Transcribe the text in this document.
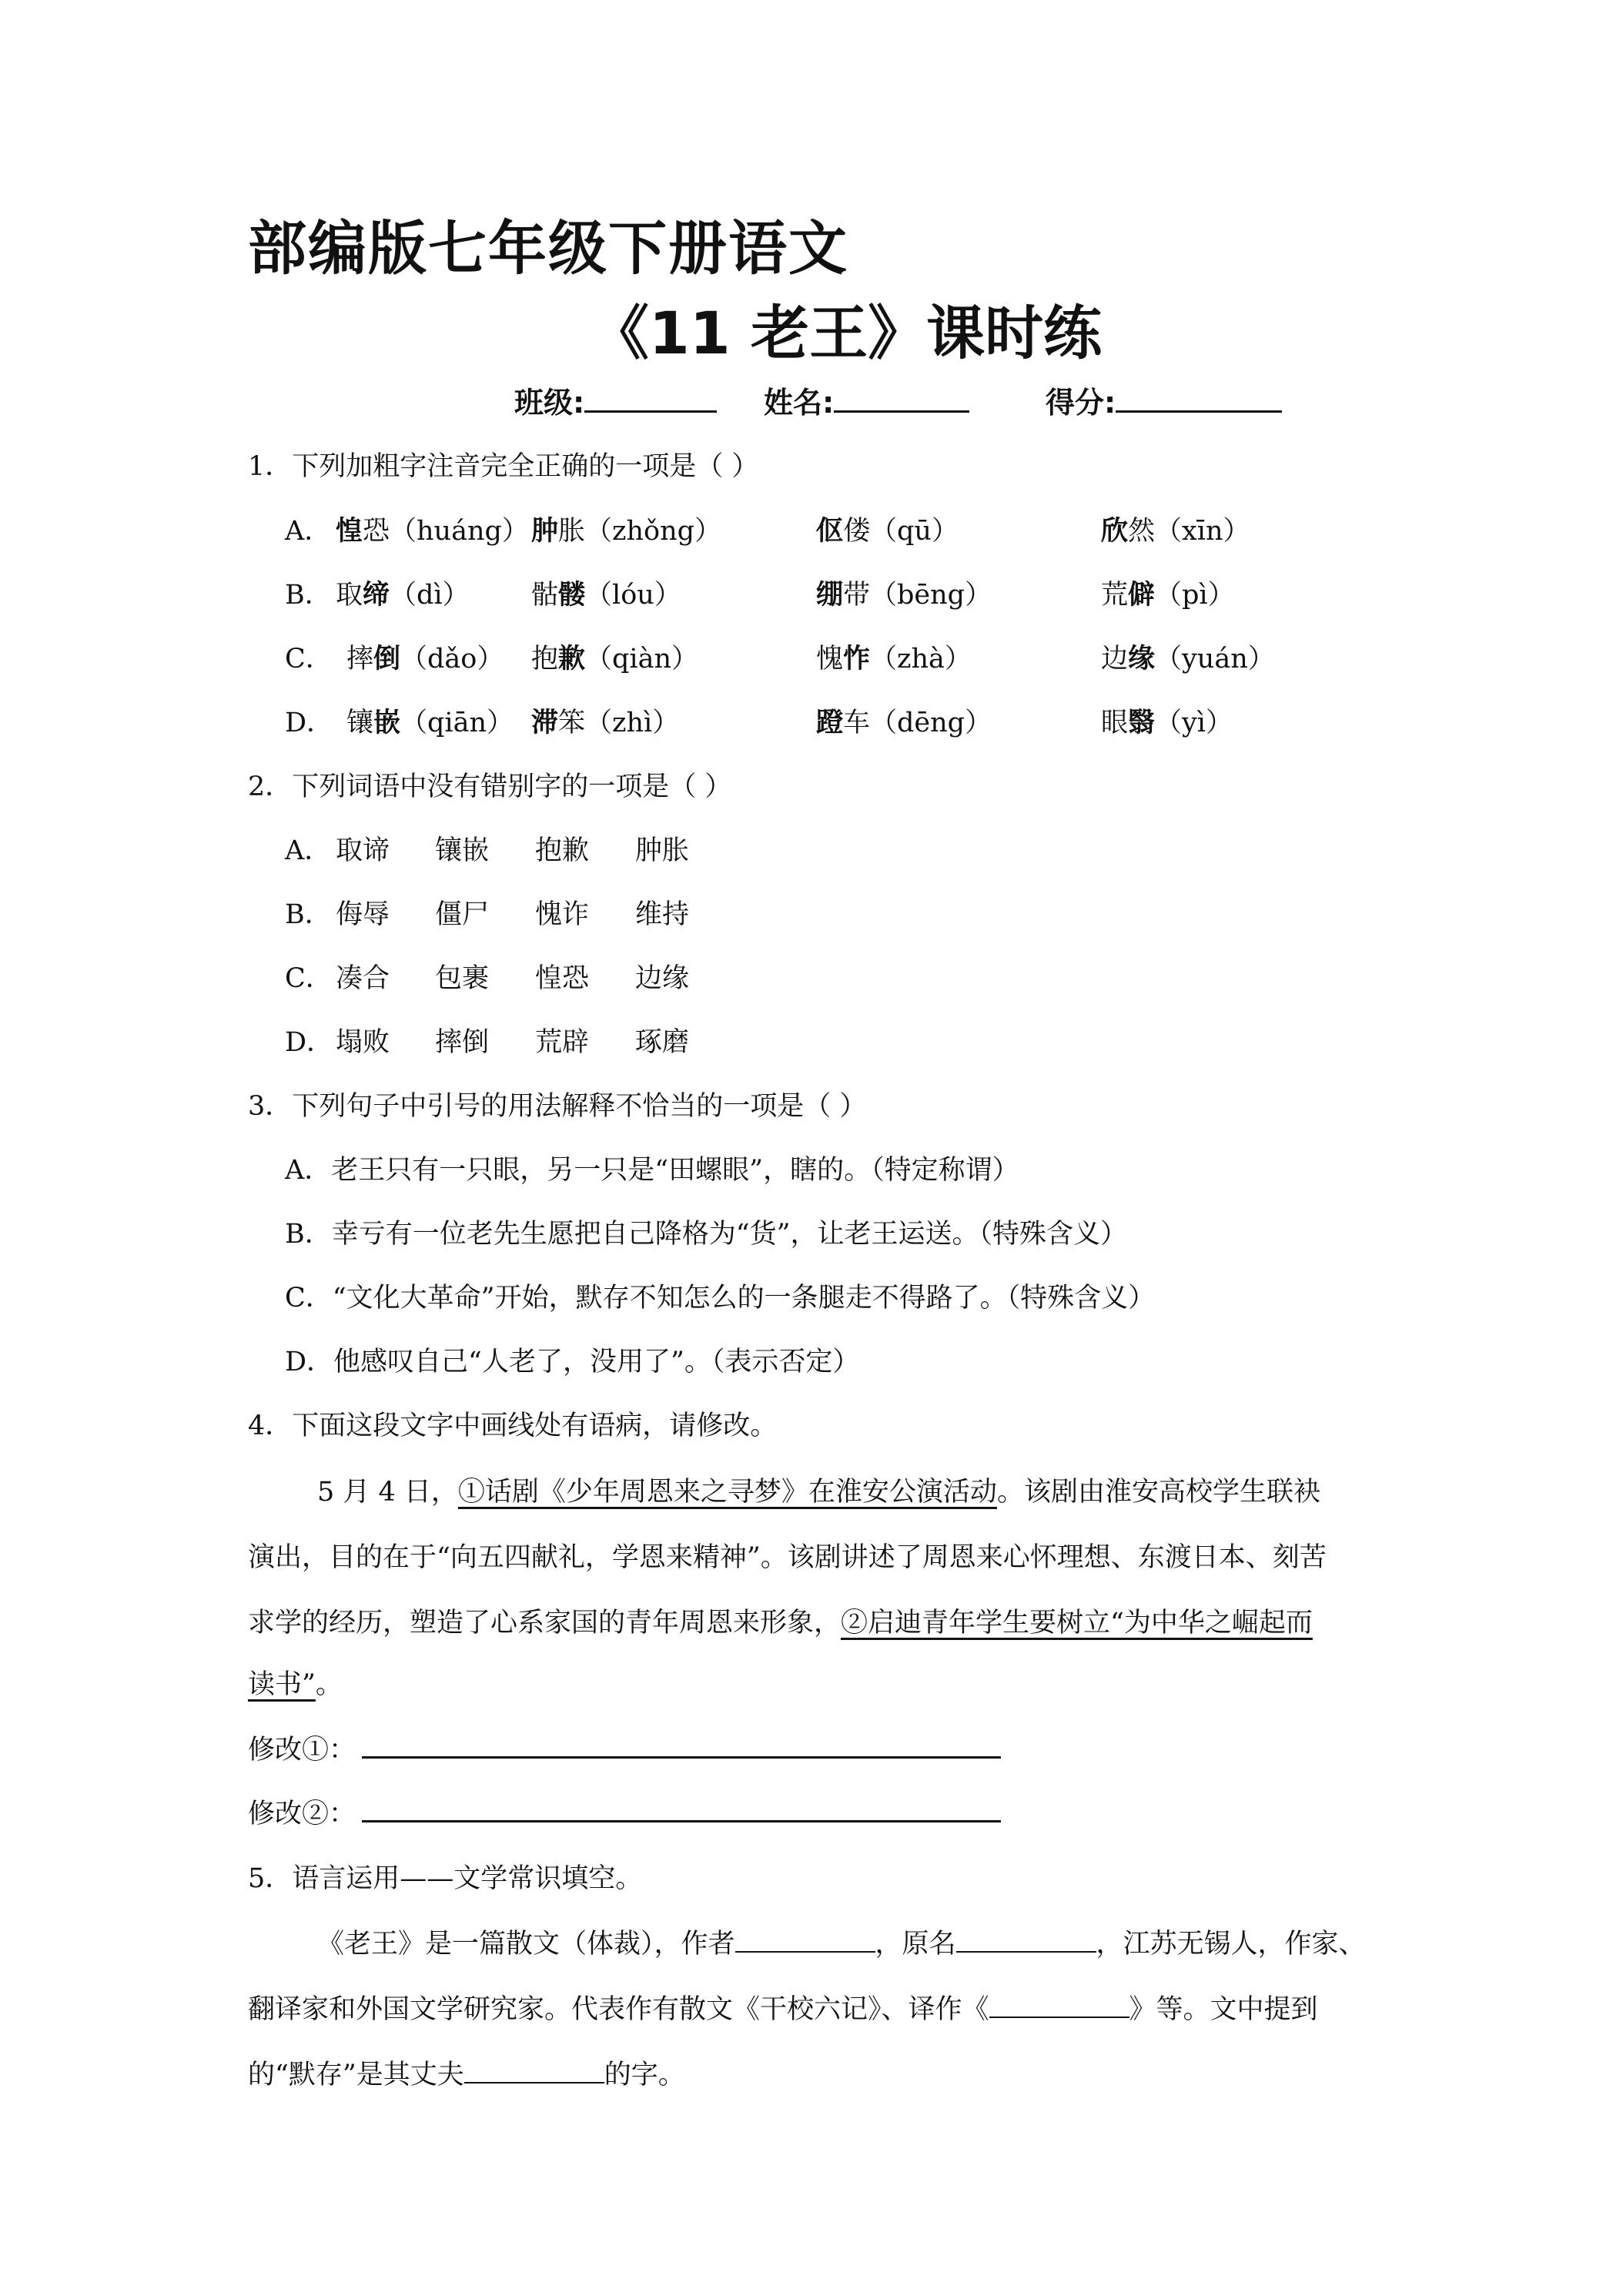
部编版七年级下册语文
《11 老王》课时练
班级:	姓名:	得分:
1．下列加粗字注音完全正确的一项是（ ）
A． 惶恐（huáng） 肿胀（zhǒng）	伛偻（qū）	欣然（xīn）
B． 取缔（dì） 骷髅（lóu）	绷带（bēng）	荒僻（pì）
C． 摔倒（dǎo） 抱歉（qiàn）	愧怍（zhà）	边缘（yuán）
D． 镶嵌（qiān） 滞笨（zhì）	蹬车（dēng）	眼翳（yì）
2．下列词语中没有错别字的一项是（ ）
A． 取谛 镶嵌 抱歉 肿胀
B． 侮辱 僵尸 愧诈 维持
C． 凑合 包裹 惶恐 边缘
D． 塌败 摔倒 荒辟 琢磨
3．下列句子中引号的用法解释不恰当的一项是（ ）
A．老王只有一只眼，另一只是“田螺眼”，瞎的。（特定称谓）
B．幸亏有一位老先生愿把自己降格为“货”，让老王运送。（特殊含义）
C．“文化大革命”开始，默存不知怎么的一条腿走不得路了。（特殊含义）
D．他感叹自己“人老了，没用了”。（表示否定）
4．下面这段文字中画线处有语病，请修改。
5 月 4 日，①话剧《少年周恩来之寻梦》在淮安公演活动。该剧由淮安高校学生联袂
演出，目的在于“向五四献礼，学恩来精神”。该剧讲述了周恩来心怀理想、东渡日本、刻苦
求学的经历，塑造了心系家国的青年周恩来形象，②启迪青年学生要树立“为中华之崛起而
读书”。
修改①：
修改②：
5．语言运用——文学常识填空。
《老王》是一篇散文（体裁），作者	，原名	，江苏无锡人，作家、
翻译家和外国文学研究家。代表作有散文《干校六记》、译作《	》等。文中提到
的“默存”是其丈夫	的字。
